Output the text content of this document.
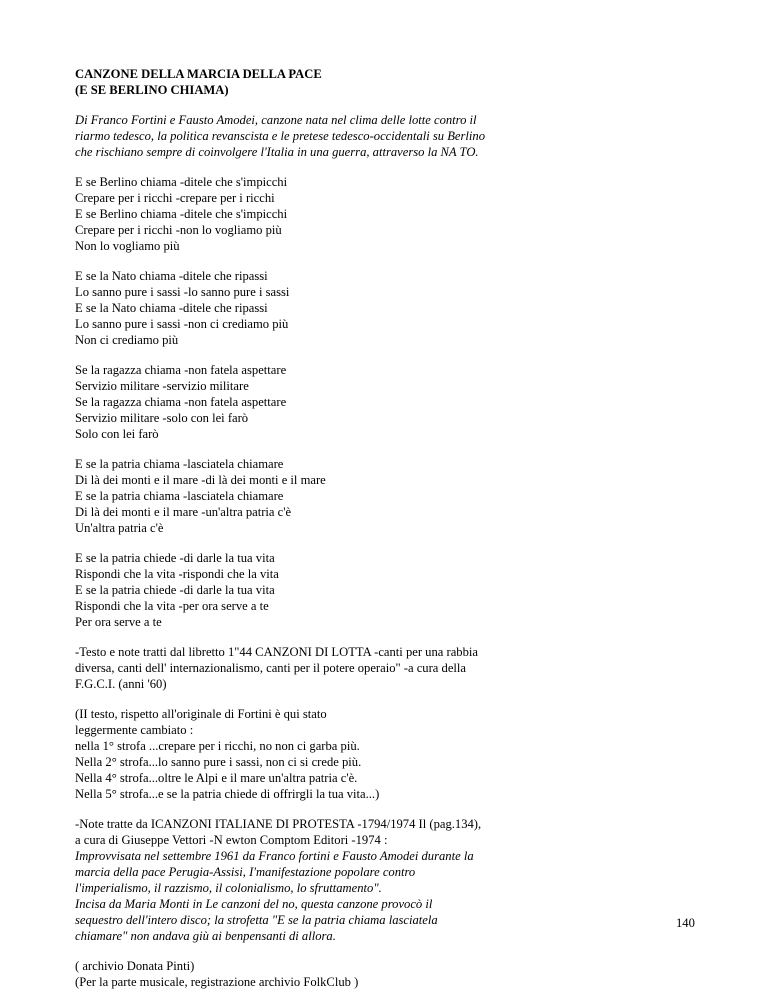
CANZONE DELLA MARCIA DELLA PACE
(E SE BERLINO CHIAMA)
Di Franco Fortini e Fausto Amodei, canzone nata nel clima delle lotte contro il
riarmo tedesco, la politica revanscista e le pretese tedesco-occidentali su Berlino
che rischiano sempre di coinvolgere l'Italia in una guerra, attraverso la NA TO.
E se Berlino chiama -ditele che s'impicchi
Crepare per i ricchi -crepare per i ricchi
E se Berlino chiama -ditele che s'impicchi
Crepare per i ricchi -non lo vogliamo più
Non lo vogliamo più
E se la Nato chiama -ditele che ripassi
Lo sanno pure i sassi -lo sanno pure i sassi
E se la Nato chiama -ditele che ripassi
Lo sanno pure i sassi -non ci crediamo più
Non ci crediamo più
Se la ragazza chiama -non fatela aspettare
Servizio militare -servizio militare
Se la ragazza chiama -non fatela aspettare
Servizio militare -solo con lei farò
Solo con lei farò
E se la patria chiama -lasciatela chiamare
Di là dei monti e il mare -di là dei monti e il mare
E se la patria chiama -lasciatela chiamare
Di là dei monti e il mare -un'altra patria c'è
Un'altra patria c'è
E se la patria chiede -di darle la tua vita
Rispondi che la vita -rispondi che la vita
E se la patria chiede -di darle la tua vita
Rispondi che la vita -per ora serve a te
Per ora serve a te
-Testo e note tratti dal libretto 1"44 CANZONI DI LOTTA -canti per una rabbia
diversa, canti dell' internazionalismo, canti per il potere operaio" -a cura della
F.G.C.I. (anni '60)
(II testo, rispetto all'originale di Fortini è qui stato
leggermente cambiato :
nella 1° strofa ...crepare per i ricchi, no non ci garba più.
Nella 2° strofa...lo sanno pure i sassi, non ci si crede più.
Nella 4° strofa...oltre le Alpi e il mare un'altra patria c'è.
Nella 5° strofa...e se la patria chiede di offrirgli la tua vita...)
-Note tratte da ICANZONI ITALIANE DI PROTESTA -1794/1974 Il (pag.134),
a cura di Giuseppe Vettori -N ewton Comptom Editori -1974 :
Improvvisata nel settembre 1961 da Franco fortini e Fausto Amodei durante la
marcia della pace Perugia-Assisi, I'manifestazione popolare contro
l'imperialismo, il razzismo, il colonialismo, lo sfruttamento".
Incisa da Maria Monti in Le canzoni del no, questa canzone provocò il
sequestro dell'intero disco; la strofetta "E se la patria chiama lasciatela
chiamare" non andava giù ai benpensanti di allora.
( archivio Donata Pinti)
(Per la parte musicale, registrazione archivio FolkClub )
140
